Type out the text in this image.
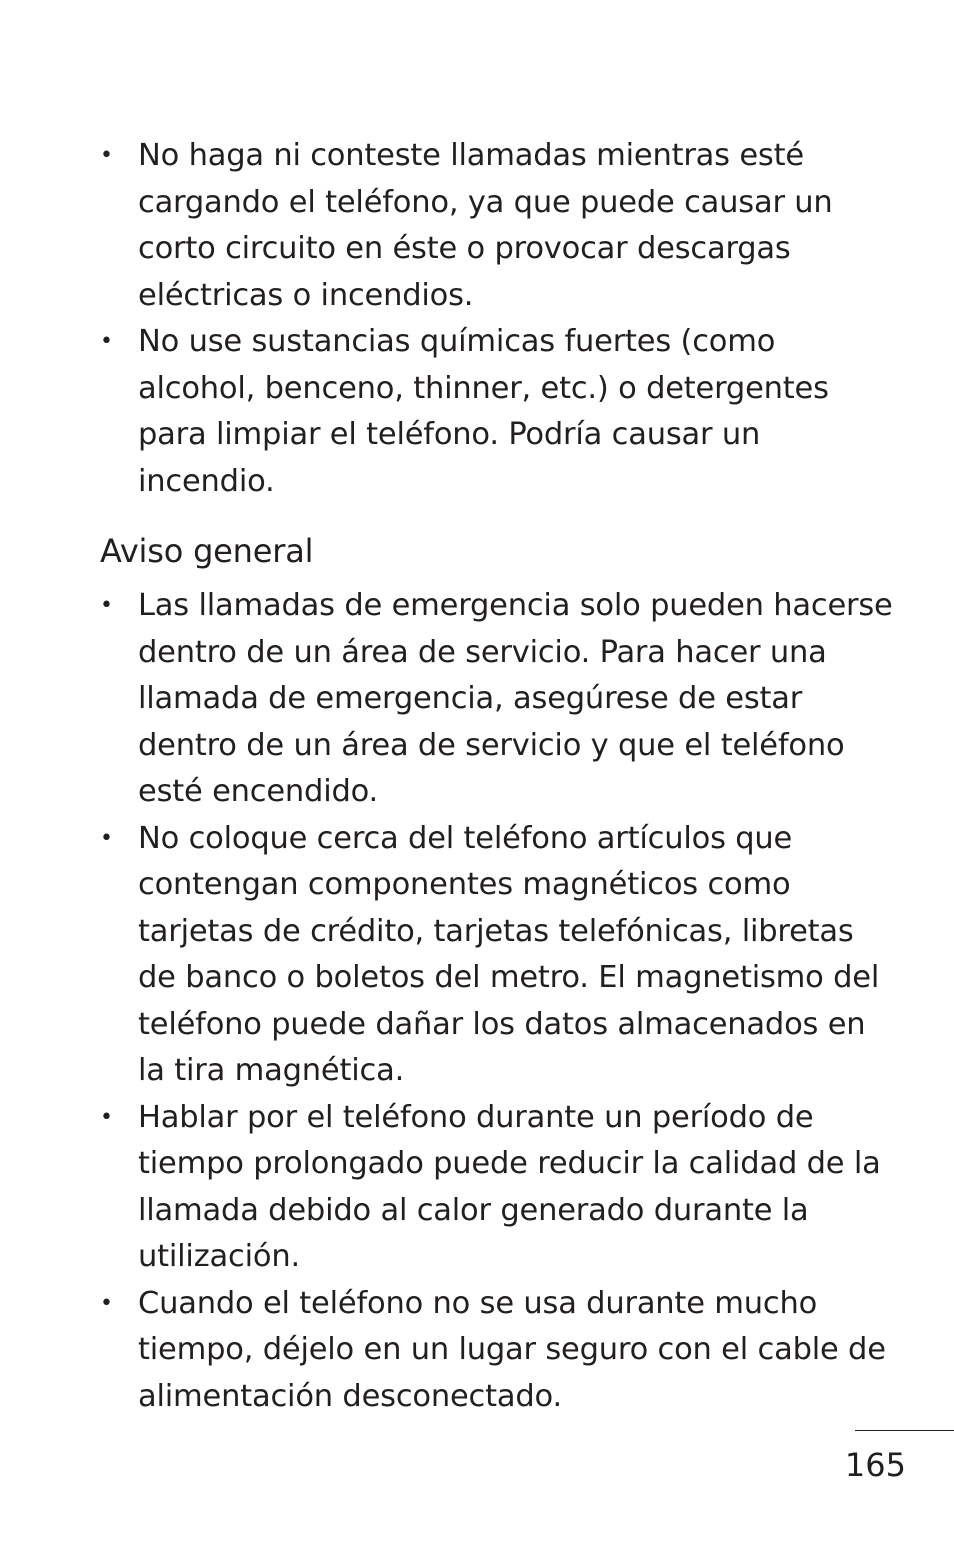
• No haga ni conteste llamadas mientras esté cargando el teléfono, ya que puede causar un corto circuito en éste o provocar descargas eléctricas o incendios.
• No use sustancias químicas fuertes (como alcohol, benceno, thinner, etc.) o detergentes para limpiar el teléfono. Podría causar un incendio.
Aviso general
• Las llamadas de emergencia solo pueden hacerse dentro de un área de servicio. Para hacer una llamada de emergencia, asegúrese de estar dentro de un área de servicio y que el teléfono esté encendido.
• No coloque cerca del teléfono artículos que contengan componentes magnéticos como tarjetas de crédito, tarjetas telefónicas, libretas de banco o boletos del metro. El magnetismo del teléfono puede dañar los datos almacenados en la tira magnética.
• Hablar por el teléfono durante un período de tiempo prolongado puede reducir la calidad de la llamada debido al calor generado durante la utilización.
• Cuando el teléfono no se usa durante mucho tiempo, déjelo en un lugar seguro con el cable de alimentación desconectado.
165
